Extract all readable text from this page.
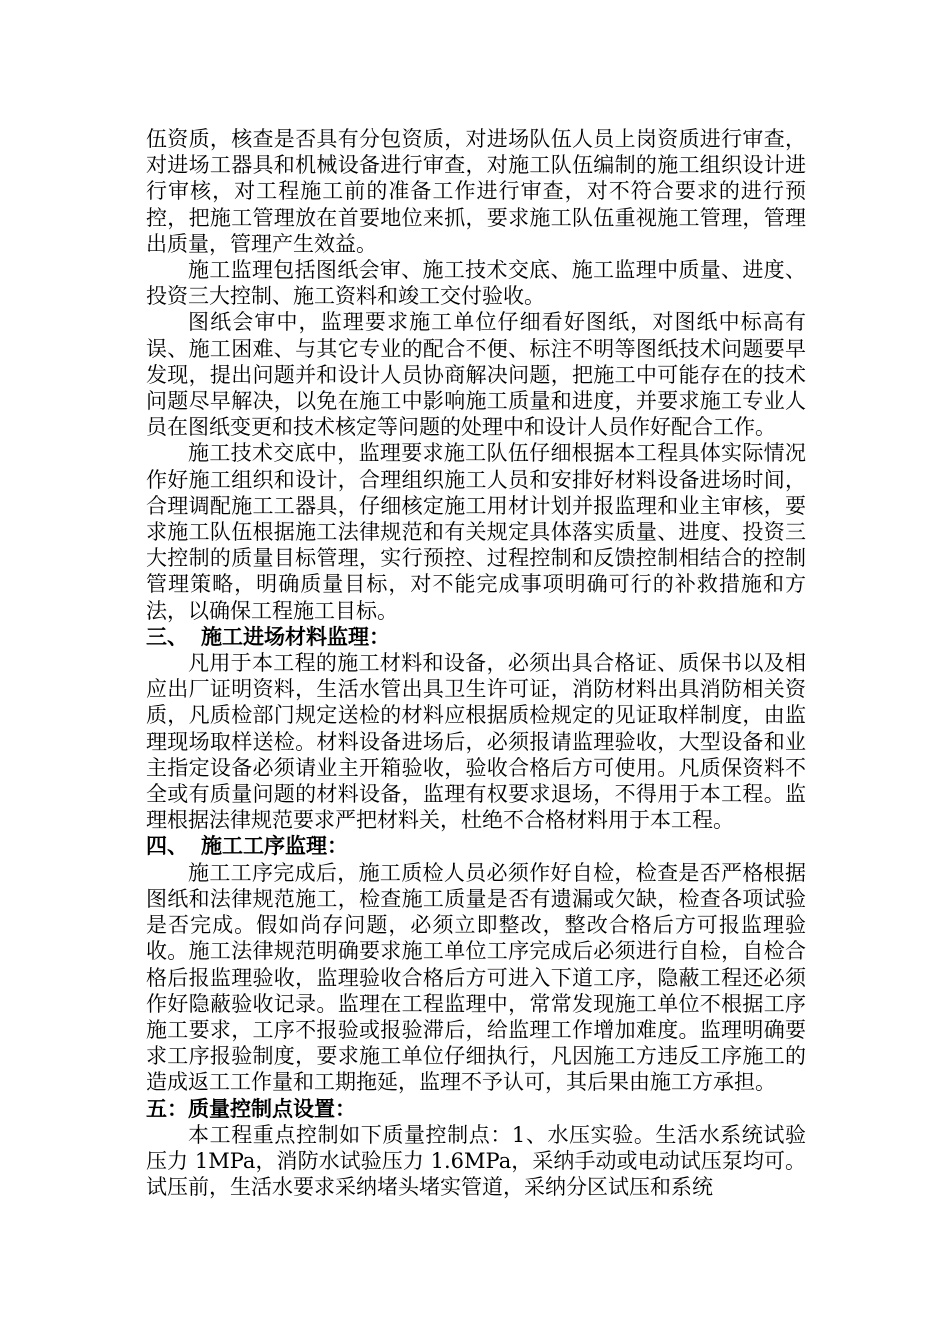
伍资质，核查是否具有分包资质，对进场队伍人员上岗资质进行审查，对进场工器具和机械设备进行审查，对施工队伍编制的施工组织设计进行审核，对工程施工前的准备工作进行审查，对不符合要求的进行预控，把施工管理放在首要地位来抓，要求施工队伍重视施工管理，管理出质量，管理产生效益。

施工监理包括图纸会审、施工技术交底、施工监理中质量、进度、投资三大控制、施工资料和竣工交付验收。

图纸会审中，监理要求施工单位仔细看好图纸，对图纸中标高有误、施工困难、与其它专业的配合不便、标注不明等图纸技术问题要早发现，提出问题并和设计人员协商解决问题，把施工中可能存在的技术问题尽早解决，以免在施工中影响施工质量和进度，并要求施工专业人员在图纸变更和技术核定等问题的处理中和设计人员作好配合工作。

施工技术交底中，监理要求施工队伍仔细根据本工程具体实际情况作好施工组织和设计，合理组织施工人员和安排好材料设备进场时间，合理调配施工工器具，仔细核定施工用材计划并报监理和业主审核，要求施工队伍根据施工法律规范和有关规定具体落实质量、进度、投资三大控制的质量目标管理，实行预控、过程控制和反馈控制相结合的控制管理策略，明确质量目标，对不能完成事项明确可行的补救措施和方法，以确保工程施工目标。

三、 施工进场材料监理：

凡用于本工程的施工材料和设备，必须出具合格证、质保书以及相应出厂证明资料，生活水管出具卫生许可证，消防材料出具消防相关资质，凡质检部门规定送检的材料应根据质检规定的见证取样制度，由监理现场取样送检。材料设备进场后，必须报请监理验收，大型设备和业主指定设备必须请业主开箱验收，验收合格后方可使用。凡质保资料不全或有质量问题的材料设备，监理有权要求退场，不得用于本工程。监理根据法律规范要求严把材料关，杜绝不合格材料用于本工程。

四、 施工工序监理：

施工工序完成后，施工质检人员必须作好自检，检查是否严格根据图纸和法律规范施工，检查施工质量是否有遗漏或欠缺，检查各项试验是否完成。假如尚存问题，必须立即整改，整改合格后方可报监理验收。施工法律规范明确要求施工单位工序完成后必须进行自检，自检合格后报监理验收，监理验收合格后方可进入下道工序，隐蔽工程还必须作好隐蔽验收记录。监理在工程监理中，常常发现施工单位不根据工序施工要求，工序不报验或报验滞后，给监理工作增加难度。监理明确要求工序报验制度，要求施工单位仔细执行，凡因施工方违反工序施工的造成返工工作量和工期拖延，监理不予认可，其后果由施工方承担。

五：质量控制点设置：

本工程重点控制如下质量控制点：1、水压实验。生活水系统试验压力 1MPa，消防水试验压力 1.6MPa，采纳手动或电动试压泵均可。试压前，生活水要求采纳堵头堵实管道，采纳分区试压和系统
